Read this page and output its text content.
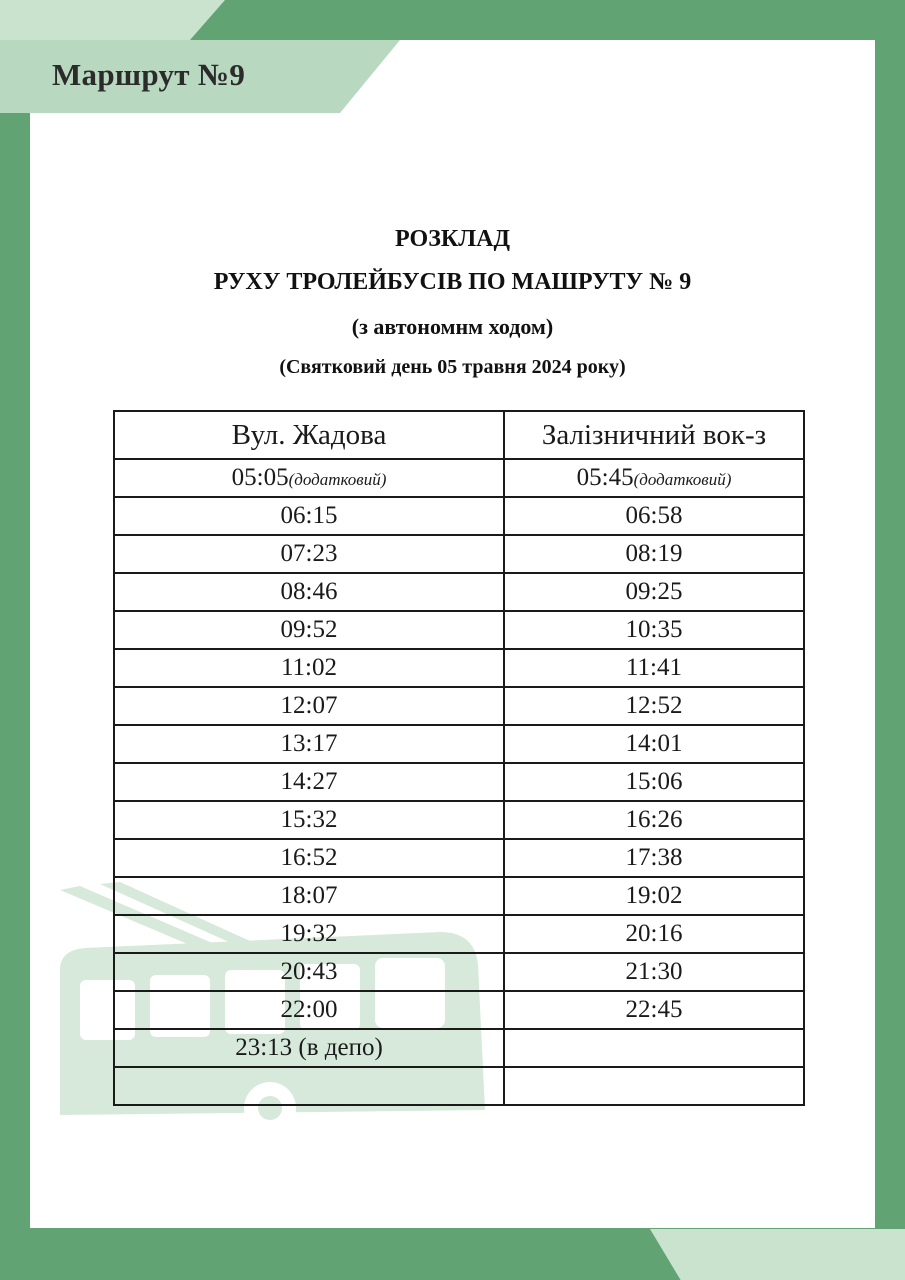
Маршрут №9
РОЗКЛАД
РУХУ ТРОЛЕЙБУСІВ ПО МАШРУТУ № 9
(з автономнм ходом)
(Святковий день 05 травня 2024 року)
Вул. Жадова	Залізничний вок-з
05:05(додатковий)	05:45(додатковий)
06:15	06:58
07:23	08:19
08:46	09:25
09:52	10:35
11:02	11:41
12:07	12:52
13:17	14:01
14:27	15:06
15:32	16:26
16:52	17:38
18:07	19:02
19:32	20:16
20:43	21:30
22:00	22:45
23:13 (в депо)	
